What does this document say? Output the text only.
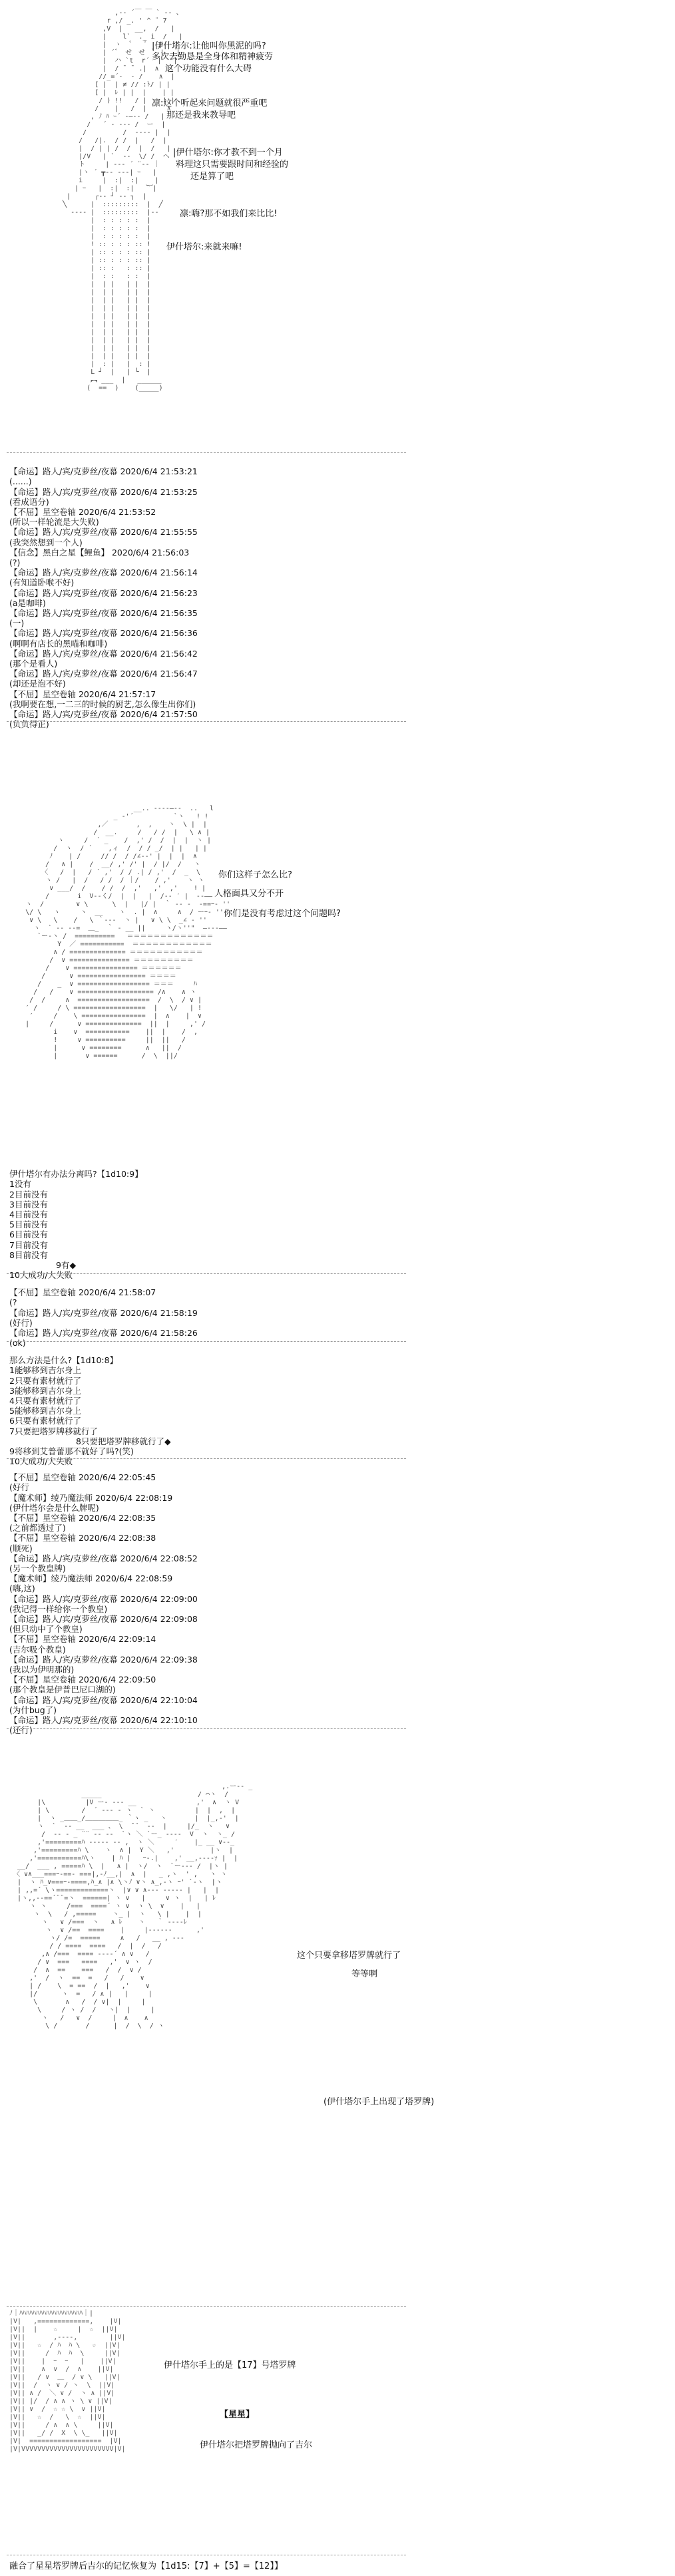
,-‐ ´￣ ￣ ` ‐- 、
r ,/ _. ' ^ ¨ 7
,V  |   __,  /   |
|    l`  ._ i  /   |
|  ヽ  ゜  ゜  |   |
| ´゛ せ　せ ｀ |   |
|  ハ `t  r´  |   |
|  / ¯ ¯ .|  ∧  |
//_=´-  ‐ /    ∧  |
[ |  | ≠ // :ﾄ/ | |
[ |  ﾚ | |  |    | |
/ ) !!   / |    | |
/    |   /  |     ∧
, ﾉ ﾊ ｰ´ -―‐‐ /   |
/   ´ ‐ ‐-- /  ー  |
/         /  -‐‐‐ |  |
/   /|.  / /  |   /  |
|  / | | /  /  |  /   |
|/V   | `  ‐-  \/ /  ヘ
ト     | ‐-- ´ ¨‐- ｜
|ヽ ´ ┳‐‐ ‐‐‐| ｰ   |
i     |  :|  :|    |
| ｰ   |  :|  :|   ︸|
|      ┌‐‐ ┘ ‐‐ ┐  |
╲      |  :::::::::  |  ╱
‐‐‐‐ |  :::::::::  |‐‐
|  : : : : :  |
|  : : : : :  |
|  : : : : :  |
! :: : : : :: !
| :: : : : :: |
| :: : : : :: |
| :: :   : :: |
|  : :   : :  |
|  | |   | |  |
|  | |   | |  |
|  | |   | |  |
|  | |   | |  |
|  | |   | |  |
|  | |   | |  |
|  | |   | |  |
|  | |   | |  |
|  | |   | |  |
|  | |   | |  |
|  : |   |  : |
L ┘  |   | └  |
︻ ___  |   ______
(  ==  )    (_____)

|伊什塔尔:让他叫你黑泥的吗?
多次去勤恳是全身体和精神疲劳
这个功能没有什么大碍
凛:这个听起来问题就很严重吧
那还是我来教导吧
|伊什塔尔:你才教不到一个月
料理这只需要跟时间和经验的
还是算了吧
凛:嗨?那不如我们来比比!
伊什塔尔:来就来嘛!

【命运】路人/宾/克萝丝/夜幕 2020/6/4 21:53:21
(......)
【命运】路人/宾/克萝丝/夜幕 2020/6/4 21:53:25
(看成语分)
【不屈】星空卷轴 2020/6/4 21:53:52
(所以一样轮流是大失败)
【命运】路人/宾/克萝丝/夜幕 2020/6/4 21:55:55
(我突然想到一个人)
【信念】黑白之星【鲤鱼】 2020/6/4 21:56:03
(?)
【命运】路人/宾/克萝丝/夜幕 2020/6/4 21:56:14
(有知道卧喉不好)
【命运】路人/宾/克萝丝/夜幕 2020/6/4 21:56:23
(a是咖啡)
【命运】路人/宾/克萝丝/夜幕 2020/6/4 21:56:35
(一)
【命运】路人/宾/克萝丝/夜幕 2020/6/4 21:56:36
(啊啊有店长的黑喵和咖啡)
【命运】路人/宾/克萝丝/夜幕 2020/6/4 21:56:42
(那个是看人)
【命运】路人/宾/克萝丝/夜幕 2020/6/4 21:56:47
(却还是泡不好)
【不屈】星空卷轴 2020/6/4 21:57:17
(我啊要在想,一二三的时候的厨艺,怎么像生出你们)
【命运】路人/宾/克萝丝/夜幕 2020/6/4 21:57:50
(负负得正)

__.. -‐‐‐―‐-  ..   l
_ -'´          `ヽ   ! !
,／       ,  ,    ヽ  \ |  |
/  __.     /   / /  |   \ ∧ |
ヽ     /  ´ _    /  ,' /  /  |  |  ヽ |
/  ヽ  / ´    ,ィ  /  / / _/  | |   | |
ﾉ    | /     // /  / /∠-‐' |  |  |  ∧
/   ∧ |    /  __/ ,' /' |  / |/  /   ヽ
〈   /  |   / ´ ,'  / / .| / ,'  /  _  \
ヽ /   |  /   / /  / ｜/    / ,'    ヽ ヽ
∨ ___/  /    / /  /  ,'   ,'  ,'    ! |
/       i  V--く/  |  |   |  /-‐ ′ |  ‐‐――
ヽ  /        ∨ \      \  |   |/ |  ｀ ‐- -  -==ｰ‐ ''
\/ \   ヽ     ヽ  __    ヽ  . |  ∧     ∧  / ーｰ‐ ''
∨ \   \    /   \ ｀‐--  ヽ |   ∨ \ \  _∠ ‐ ''
ヽ  ` -‐ ‐-=  ＿_  ｀ ‐ __ ||     ヽ/ヽ''"  ―‐‐‐――
`ー‐ヽ /  ==========   ＝＝＝＝＝＝＝＝＝＝＝＝＝
Y  ／ ===========  ＝＝＝＝＝＝＝＝＝＝＝＝
∧ / ============== ＝＝＝＝＝＝＝＝＝＝＝
/  ∨ =============== ＝＝＝＝＝＝＝＝＝
/    ∨ ================ ＝＝＝＝＝＝
/      ∨ ================= ＝＝＝＝
/    _  ∨ ================== ＝＝＝     ﾊ
/   /    ∨ =================== /∧    ∧ ヽ
/  /     ∧  ==================  /  \  / ∨ |
′ /     / \ ==================  |   \/   | !
′     /    \ ================  |  ∧    |  ∨
|     /      ∨ ==============  ||  |     ,' /
i    ∨  ===========    ||  |    /  ,
!     ∨ ==========     ||  ||   /
|      ∨ ========      ∧   ||  /
|       ∨ ======      /  \  ||/

你们这样子怎么比?
人格面具又分不开
你们是没有考虑过这个问题吗?

伊什塔尔有办法分离吗?【1d10:9】
1没有
2目前没有
3目前没有
4目前没有
5目前没有
6目前没有
7目前没有
8目前没有
9有◆
10大成功/大失败

【不屈】星空卷轴 2020/6/4 21:58:07
(?
【命运】路人/宾/克萝丝/夜幕 2020/6/4 21:58:19
(好行)
【命运】路人/宾/克萝丝/夜幕 2020/6/4 21:58:26
(ok)

那么方法是什么?【1d10:8】
1能够移到吉尔身上
2只要有素材就行了
3能够移到吉尔身上
4只要有素材就行了
5能够移到吉尔身上
6只要有素材就行了
7只要把塔罗牌移就行了
8只要把塔罗牌移就行了◆
9将移到艾普蕾那不就好了吗?(笑)
10大成功/大失败

【不屈】星空卷轴 2020/6/4 22:05:45
(好行
【魔术师】绫乃魔法师 2020/6/4 22:08:19
(伊什塔尔会是什么牌呢)
【不屈】星空卷轴 2020/6/4 22:08:35
(之前都透过了)
【不屈】星空卷轴 2020/6/4 22:08:38
(顺死)
【命运】路人/宾/克萝丝/夜幕 2020/6/4 22:08:52
(另一个教皇牌)
【魔术师】绫乃魔法师 2020/6/4 22:08:59
(嗨,这)
【命运】路人/宾/克萝丝/夜幕 2020/6/4 22:09:00
(我记得一样给你一个教皇)
【命运】路人/宾/克萝丝/夜幕 2020/6/4 22:09:08
(但只动中了个教皇)
【不屈】星空卷轴 2020/6/4 22:09:14
(吉尔吸个教皇)
【命运】路人/宾/克萝丝/夜幕 2020/6/4 22:09:38
(我以为伊明那的)
【不屈】星空卷轴 2020/6/4 22:09:50
(那个教皇是伊普巴尼口湖的)
【命运】路人/宾/克萝丝/夜幕 2020/6/4 22:10:04
(为什bug了)
【命运】路人/宾/克萝丝/夜幕 2020/6/4 22:10:10
(还行)

,.ー‐- _
_____                        / ⌒ヽ  /
|\          |V ー‐ ‐‐- __               ,'  ∧  ヽ V
| \        /  ´ ‐-- ‐ ヽ  ` ヽ          |  |  ,  |
|  ヽ _＿＿_/＿＿＿＿＿_ ｀ヽ _   ヽ       |  |_,-'  |
ヽ  `  ‐- __  ___ 、 \  ̄ ¨  ‐-  |     |/_  ヽ   ∨
/  ‐‐ ‐ _ ¨¨ ‐‐ ‐‐  `ヽ ＼ `ー_ ‐‐--  V  ヽ  ヽ_ /
,'=========ﾊ ‐‐‐‐‐ ‐‐ ,  ヽ ＼     ′    |_ __ ∨--_
,'=========ﾊ \    ヽ  ∧ |  Y ＼   ,'         |ヽ  |
,'===========ﾊ\ヽ    | ﾊ |   ｰ-.|    ,' __,-‐‐-ｧ |  |
__/  ___ , =====ﾊ \  |   ∧ |  ヽ/  ヽ  `ー-‐‐ /  |ヽ |
〈 ∨∧___===ｰ-==- ===|,-ﾉ__,|  ∧  |   _ ,ヽ  ' ,   ヽ ヽ
|  ヽ ﾊ_∨===ｰ-====,ﾊ_∧ |∧ \ヽﾉ ∨ヽ ∧_,-ヽ ｰ' `-ヽ  |ヽ
| ,,=´ \ヽ=============ヽ  |∨ ∨ ∧‐-‐ -‐‐-‐ |   |  |
|ヽ,,‐-==´¨¨=ヽ  ======| ヽ ∨   |     ∨ ヽ  |   | ﾚ
ヽ ヽ     /===  ====´ ヽ ∨  ヽ \  ∨    |   |
ヽ  \   / ,=====    ヽ_ |  ヽ   \ |    |  |
ヽ   ∨ /===  ヽ   ∧ ﾚ    ヽ   ｀ ‐‐--ﾚ
ヽ  ∨ /==  ====    |     |‐--‐-‐      ,'
ヽ/ /=  =====     ∧   /   __ , -‐‐
/ / ====  ====   /  |  /   /
,∧ /===  ==== ---‐´ ∧ ∨   /
/ ∨  ===   ====   ,'  ∨ ヽ  /
/  ∧  ==    ===   /  /  ∨ /
,'  /  ヽ  ==  =   /   /    ∨
| /    \  = ==  /  |   ,'    ∨
|/      ヽ  =   / ∧ |   |     |
\       ∧   /  / ∨|  |     |
\     / ヽ /  /   ヽ|  |     |
ヽ   /   ∨  /     |  ∧    ∧
\ /       /      |  /  \  / ヽ

这个只要拿移塔罗牌就行了
等等啊
(伊什塔尔手上出现了塔罗牌)
ﾉ｜ﾊﾊﾊﾊﾊﾊﾊﾊﾊﾊﾊﾊﾊﾊﾊﾊﾊﾊﾊ｜|
|V|   ,=============,    |V|
|V||  |    ☆     |  ☆  ||V|
|V||       ,-‐‐-,        ||V|
|V||   ☆  / ﾊ  ﾊ \   ☆  ||V|
|V||     /  ﾊ  ﾊ  \     ||V|
|V||    |  ｰ  ｰ   |    ||V|
|V||    ∧  ∨  /  ∧    ||V|
|V||   / ∨  ＿  / ∨ \   ||V|
|V||  /  ヽ ∨ / ヽ  \  ||V|
|V|| ∧ /  ＼ ∨ /  ヽ ∧ ||V|
|V|| |/  / ∧ ∧ ヽ \ ∨ ||V|
|V|| ∨  /  ☆ ☆ \  ∨ ||V|
|V||   ☆  /   \  ☆  ||V|
|V||     / ∧  ∧ \     ||V|
|V||   _/ /  X  \ \_   ||V|
|V|  ==================  |V|
|V|VVVVVVVVVVVVVVVVVVVVVVV|V|

伊什塔尔手上的是【17】号塔罗牌
【星星】
伊什塔尔把塔罗牌抛向了吉尔
融合了星星塔罗牌后吉尔的记忆恢复为【1d15:【7】+【5】=【12】】
